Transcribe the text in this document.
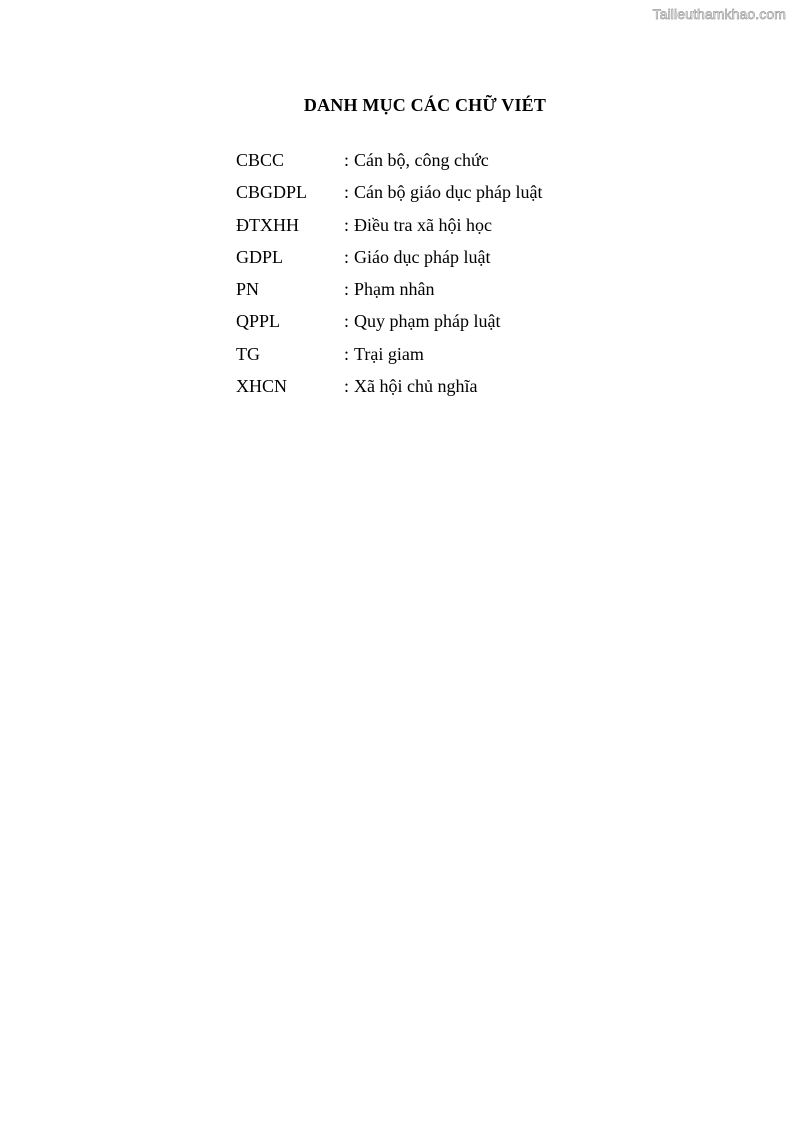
Tailieuthamkhao.com
DANH MỤC CÁC CHỮ VIÉT
CBCC	: Cán bộ, công chức
CBGDPL	: Cán bộ giáo dục pháp luật
ĐTXHH	: Điều tra xã hội học
GDPL	: Giáo dục pháp luật
PN	: Phạm nhân
QPPL	: Quy phạm pháp luật
TG	: Trại giam
XHCN	: Xã hội chủ nghĩa
